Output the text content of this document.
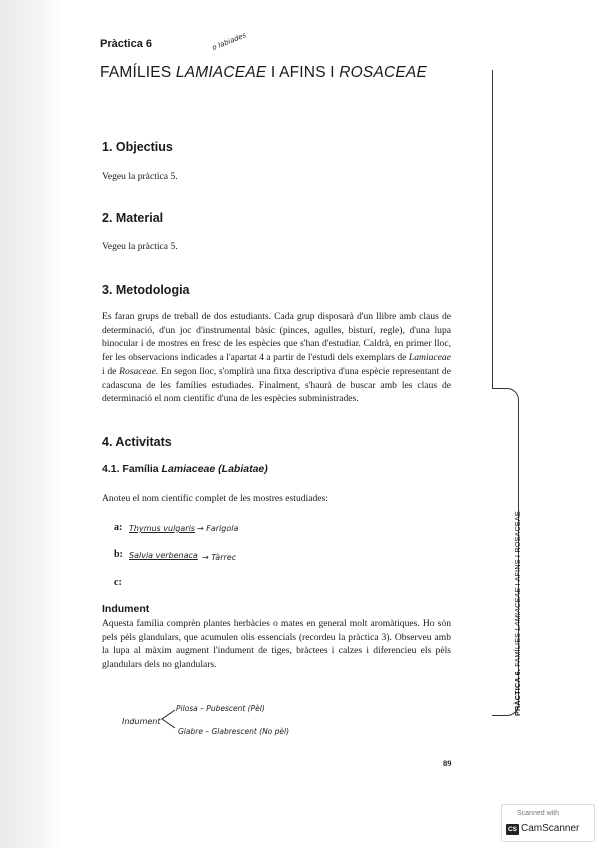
Pràctica 6	o labiades
FAMÍLIES LAMIACEAE I AFINS I ROSACEAE
1. Objectius
Vegeu la pràctica 5.
2. Material
Vegeu la pràctica 5.
3. Metodologia
Es faran grups de treball de dos estudiants. Cada grup disposarà d'un llibre amb claus de determinació, d'un joc d'instrumental bàsic (pinces, agulles, bisturí, regle), d'una lupa binocular i de mostres en fresc de les espècies que s'han d'estudiar. Caldrà, en primer lloc, fer les observacions indicades a l'apartat 4 a partir de l'estudi dels exemplars de Lamiaceae i de Rosaceae. En segon lloc, s'omplirà una fitxa descriptiva d'una espècie representant de cadascuna de les famílies estudiades. Finalment, s'haurà de buscar amb les claus de determinació el nom científic d'una de les espècies subministrades.
4. Activitats
4.1. Família Lamiaceae (Labiatae)
Anoteu el nom científic complet de les mostres estudiades:
a: Thymus vulgaris → Farigola
b: Salvia verbenaca → Tàrrec
c:
Indument
Aquesta família comprèn plantes herbàcies o mates en general molt aromàtiques. Ho són pels pèls glandulars, que acumulen olis essencials (recordeu la pràctica 3). Observeu amb la lupa al màxim augment l'indument de tiges, bràctees i calzes i diferencieu els pèls glandulars dels no glandulars.
Indument
Pilosa – Pubescent (Pèl)
Glabre – Glabrescent (No pèl)
PRÀCTICA 6. FAMÍLIES LAMIACEAE I AFINS I ROSACEAE
89
Scanned with
CS CamScanner
